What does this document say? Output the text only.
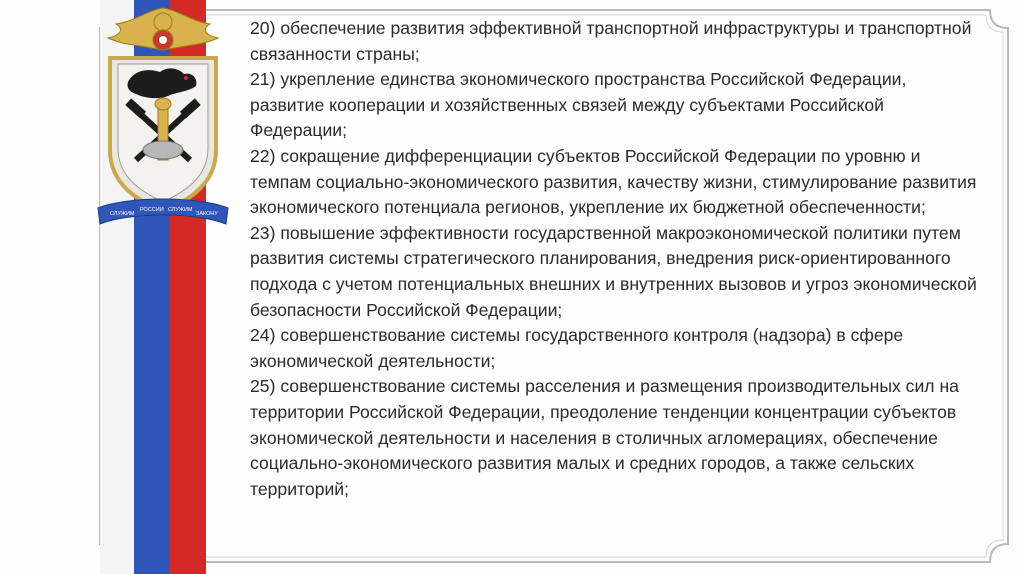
СЛУЖИМ
РОССИИ СЛУЖИМ
ЗАКОНУ

20) обеспечение развития эффективной транспортной инфраструктуры и транспортной связанности страны;

21) укрепление единства экономического пространства Российской Федерации, развитие кооперации и хозяйственных связей между субъектами Российской Федерации;

22) сокращение дифференциации субъектов Российской Федерации по уровню и темпам социально-экономического развития, качеству жизни, стимулирование развития экономического потенциала регионов, укрепление их бюджетной обеспеченности;

23) повышение эффективности государственной макроэкономической политики путем развития системы стратегического планирования, внедрения риск-ориентированного подхода с учетом потенциальных внешних и внутренних вызовов и угроз экономической безопасности Российской Федерации;

24) совершенствование системы государственного контроля (надзора) в сфере экономической деятельности;

25) совершенствование системы расселения и размещения производительных сил на территории Российской Федерации, преодоление тенденции концентрации субъектов экономической деятельности и населения в столичных агломерациях, обеспечение социально-экономического развития малых и средних городов, а также сельских территорий;
